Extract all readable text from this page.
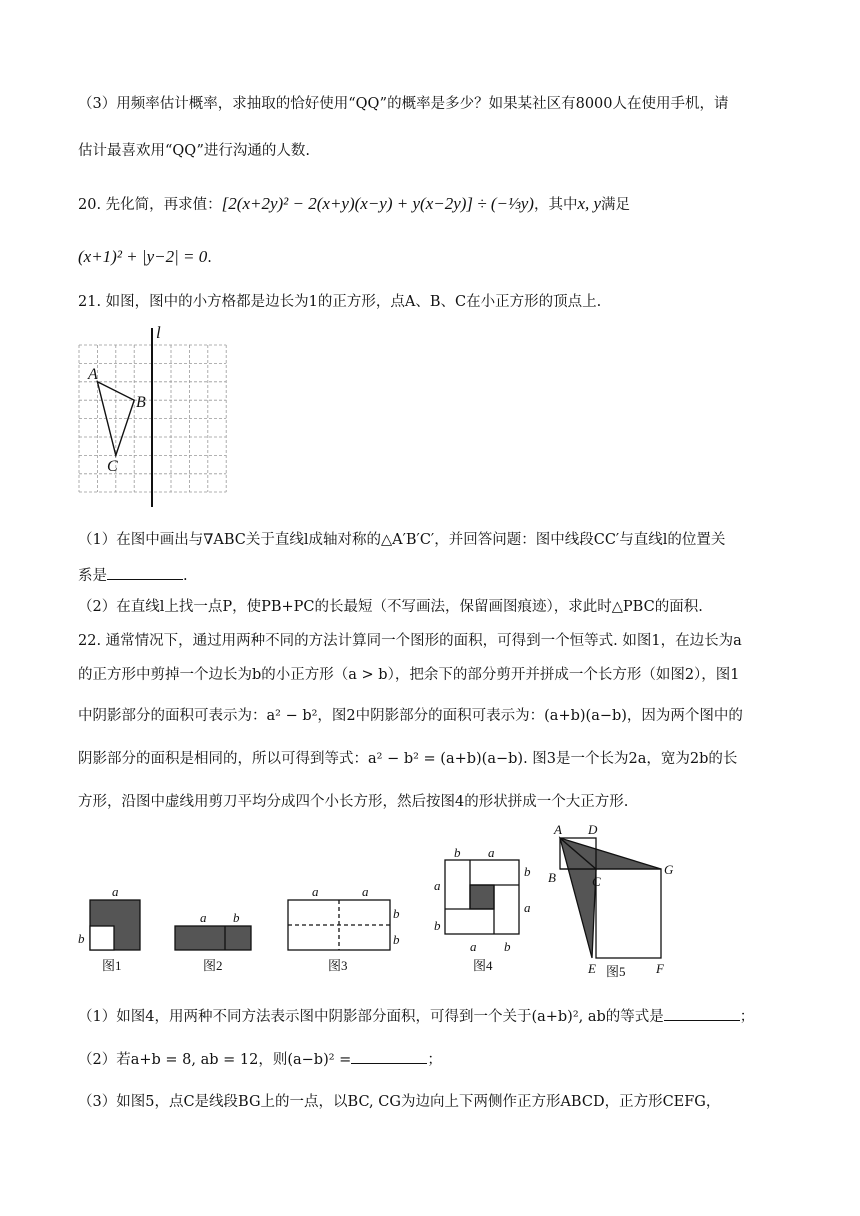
（3）用频率估计概率，求抽取的恰好使用“QQ”的概率是多少？如果某社区有8000人在使用手机，请
估计最喜欢用“QQ”进行沟通的人数.
20. 先化简，再求值：[2(x+2y)² − 2(x+y)(x−y) + y(x−2y)] ÷ (−⅓y)，其中x, y满足
(x+1)² + |y−2| = 0.
21. 如图，图中的小方格都是边长为1的正方形，点A、B、C在小正方形的顶点上.
l
A
B
C
（1）在图中画出与∇ABC关于直线l成轴对称的△A′B′C′，并回答问题：图中线段CC′与直线l的位置关
系是	.
（2）在直线l上找一点P，使PB+PC的长最短（不写画法，保留画图痕迹），求此时△PBC的面积.
22. 通常情况下，通过用两种不同的方法计算同一个图形的面积，可得到一个恒等式. 如图1，在边长为a
的正方形中剪掉一个边长为b的小正方形（a > b），把余下的部分剪开并拼成一个长方形（如图2），图1
中阴影部分的面积可表示为：a² − b²，图2中阴影部分的面积可表示为：(a+b)(a−b)，因为两个图中的
阴影部分的面积是相同的，所以可得到等式：a² − b² = (a+b)(a−b). 图3是一个长为2a，宽为2b的长
方形，沿图中虚线用剪刀平均分成四个小长方形，然后按图4的形状拼成一个大正方形.
a
b
a b
a	a
b
b
b a
a
b
b
a
a b
A D
B	C
G
E	F
图1	图2	图3	图4	图5
（1）如图4，用两种不同方法表示图中阴影部分面积，可得到一个关于(a+b)², ab的等式是	；
（2）若a+b = 8, ab = 12，则(a−b)² =	；
（3）如图5，点C是线段BG上的一点，以BC, CG为边向上下两侧作正方形ABCD，正方形CEFG，
